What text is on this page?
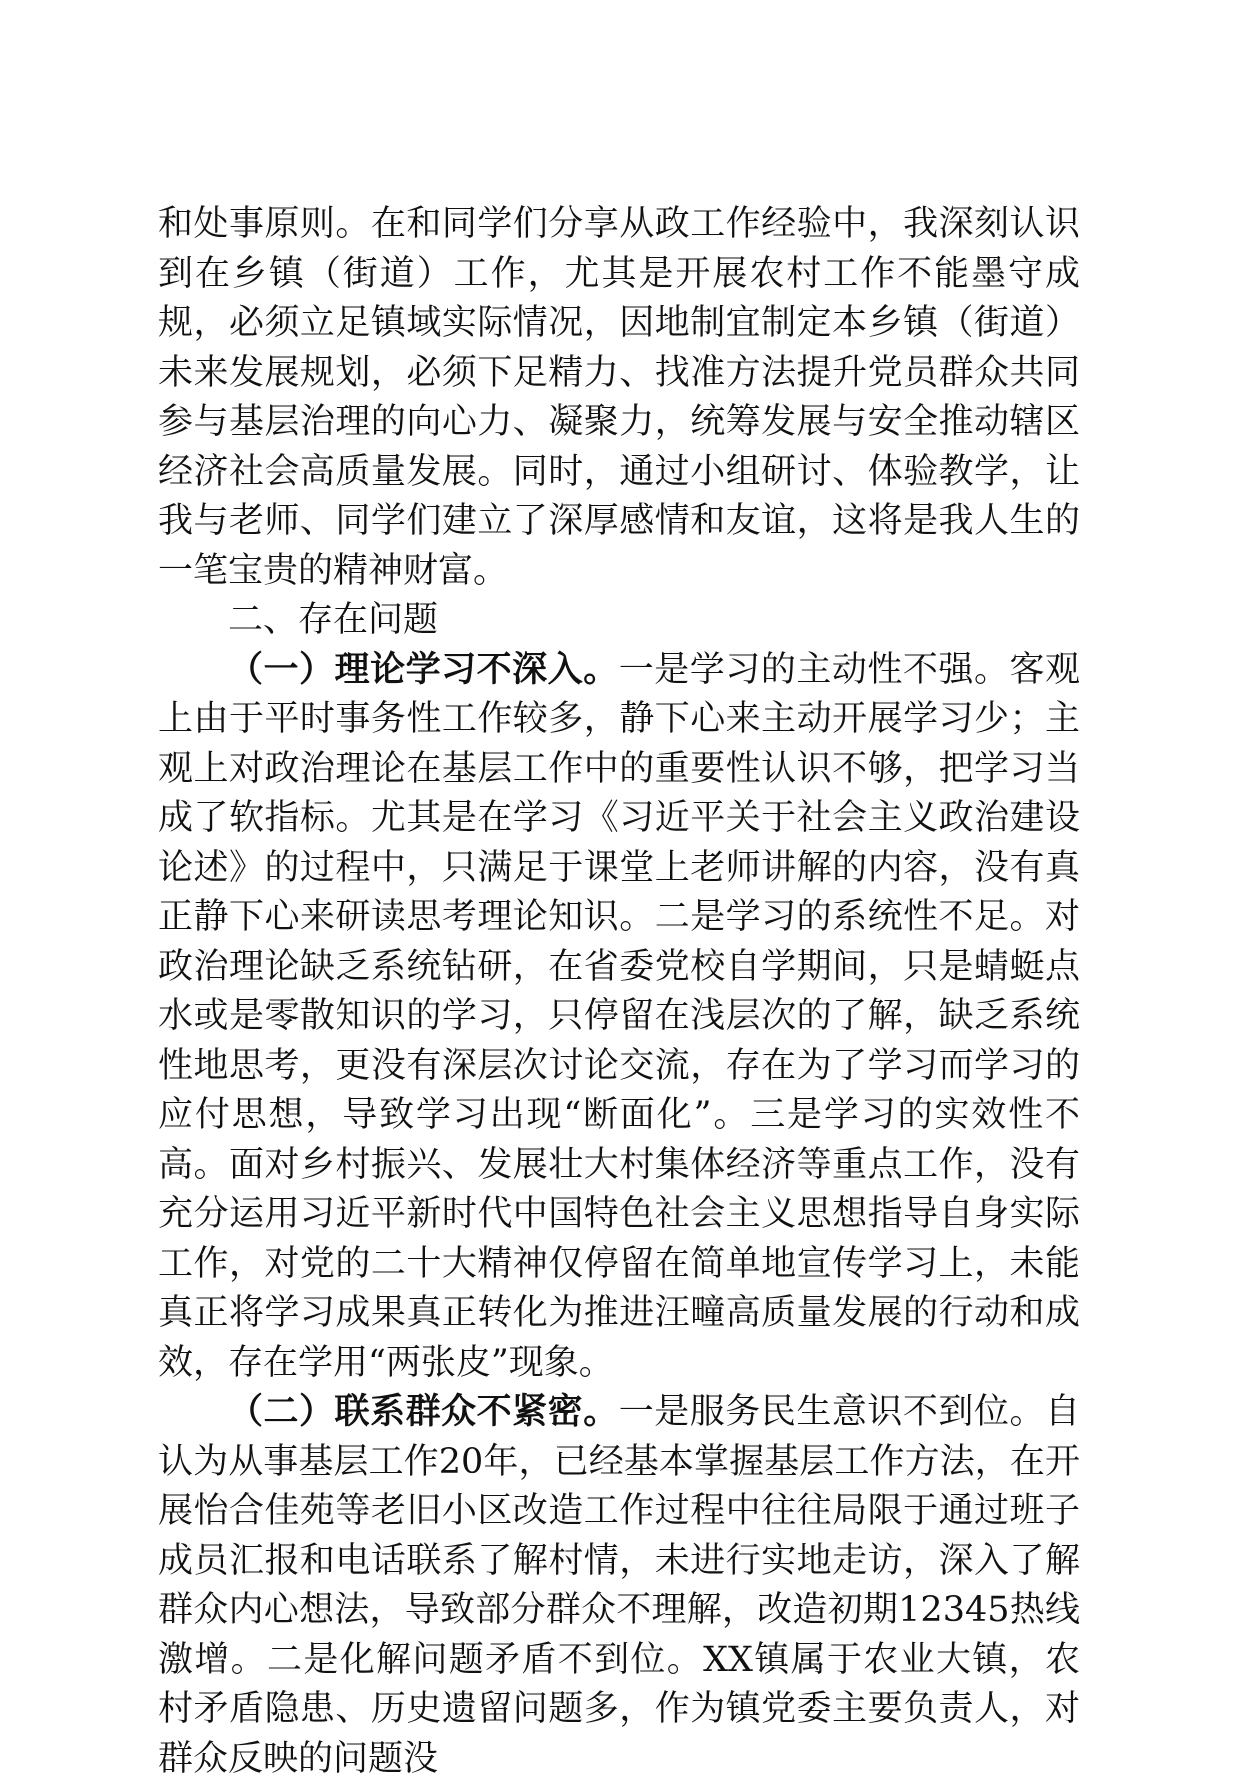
和处事原则。在和同学们分享从政工作经验中，我深刻认识到在乡镇（街道）工作，尤其是开展农村工作不能墨守成规，必须立足镇域实际情况，因地制宜制定本乡镇（街道）未来发展规划，必须下足精力、找准方法提升党员群众共同参与基层治理的向心力、凝聚力，统筹发展与安全推动辖区经济社会高质量发展。同时，通过小组研讨、体验教学，让我与老师、同学们建立了深厚感情和友谊，这将是我人生的一笔宝贵的精神财富。

二、存在问题

（一）理论学习不深入。一是学习的主动性不强。客观上由于平时事务性工作较多，静下心来主动开展学习少；主观上对政治理论在基层工作中的重要性认识不够，把学习当成了软指标。尤其是在学习《习近平关于社会主义政治建设论述》的过程中，只满足于课堂上老师讲解的内容，没有真正静下心来研读思考理论知识。二是学习的系统性不足。对政治理论缺乏系统钻研，在省委党校自学期间，只是蜻蜓点水或是零散知识的学习，只停留在浅层次的了解，缺乏系统性地思考，更没有深层次讨论交流，存在为了学习而学习的应付思想，导致学习出现“断面化”。三是学习的实效性不高。面对乡村振兴、发展壮大村集体经济等重点工作，没有充分运用习近平新时代中国特色社会主义思想指导自身实际工作，对党的二十大精神仅停留在简单地宣传学习上，未能真正将学习成果真正转化为推进汪疃高质量发展的行动和成效，存在学用“两张皮”现象。

（二）联系群众不紧密。一是服务民生意识不到位。自认为从事基层工作20年，已经基本掌握基层工作方法，在开展怡合佳苑等老旧小区改造工作过程中往往局限于通过班子成员汇报和电话联系了解村情，未进行实地走访，深入了解群众内心想法，导致部分群众不理解，改造初期12345热线激增。二是化解问题矛盾不到位。XX镇属于农业大镇，农村矛盾隐患、历史遗留问题多，作为镇党委主要负责人，对群众反映的问题没
